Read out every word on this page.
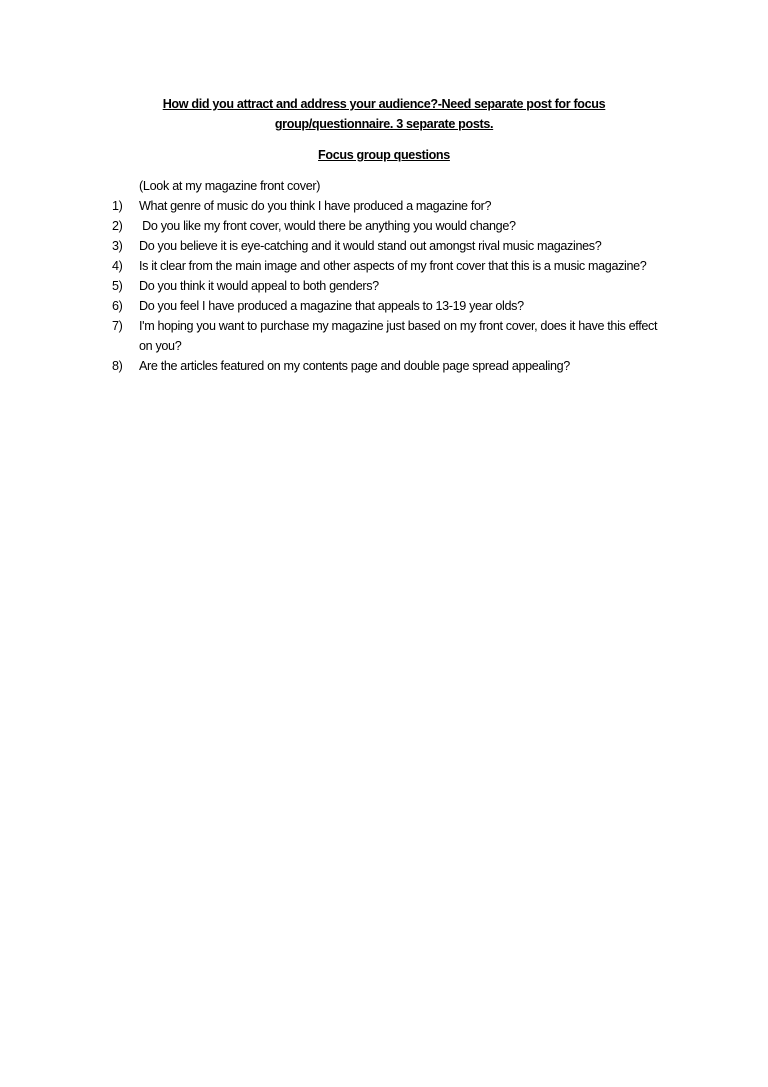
How did you attract and address your audience?-Need separate post for focus group/questionnaire. 3 separate posts.
Focus group questions
(Look at my magazine front cover)
1) What genre of music do you think I have produced a magazine for?
2) Do you like my front cover, would there be anything you would change?
3) Do you believe it is eye-catching and it would stand out amongst rival music magazines?
4) Is it clear from the main image and other aspects of my front cover that this is a music magazine?
5) Do you think it would appeal to both genders?
6) Do you feel I have produced a magazine that appeals to 13-19 year olds?
7) I'm hoping you want to purchase my magazine just based on my front cover, does it have this effect on you?
8) Are the articles featured on my contents page and double page spread appealing?
